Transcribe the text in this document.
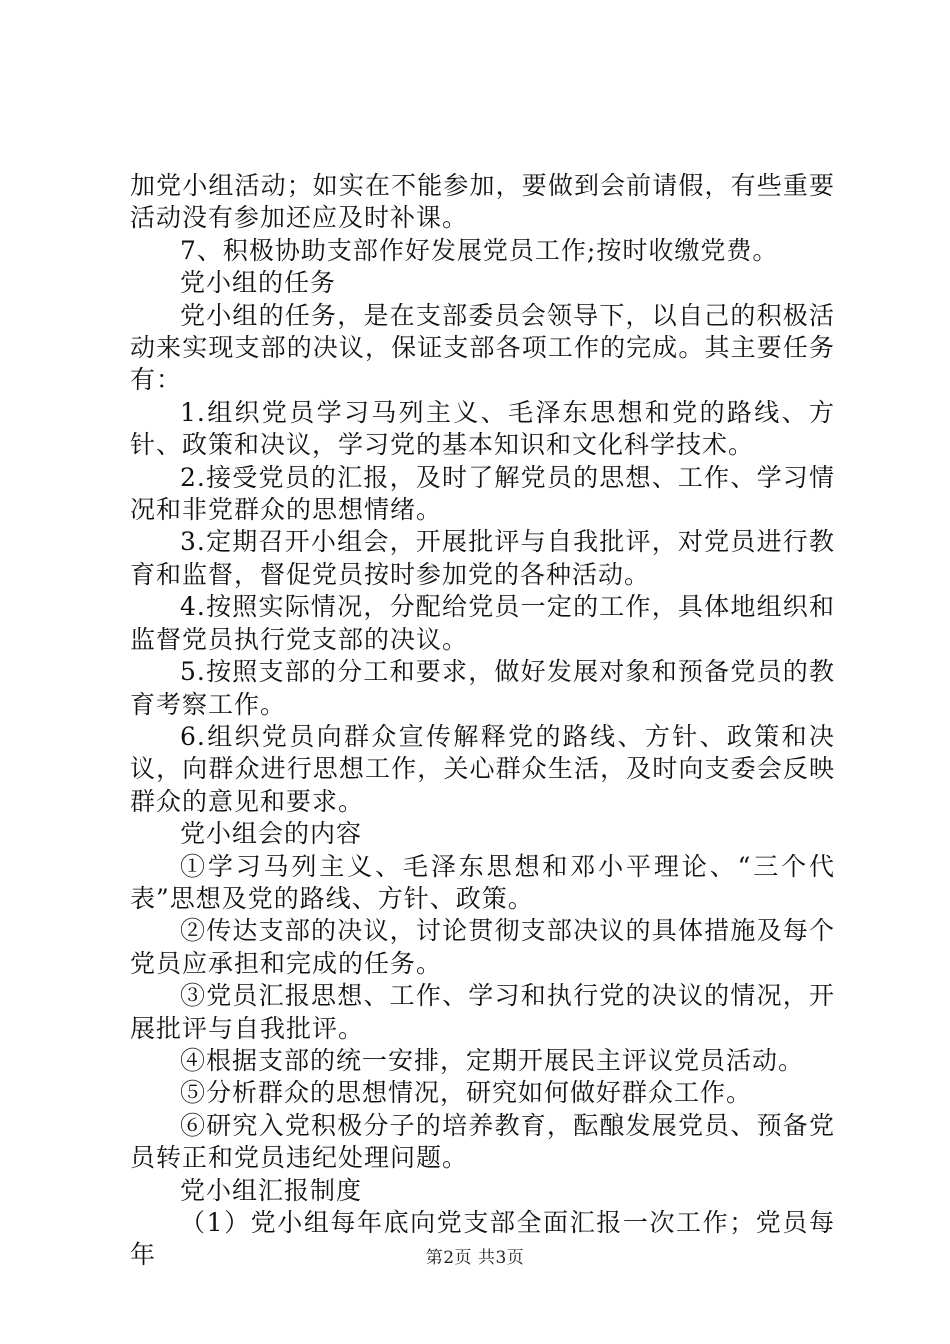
加党小组活动；如实在不能参加，要做到会前请假，有些重要活动没有参加还应及时补课。

7、积极协助支部作好发展党员工作;按时收缴党费。

党小组的任务

党小组的任务，是在支部委员会领导下，以自己的积极活动来实现支部的决议，保证支部各项工作的完成。其主要任务有：

1.组织党员学习马列主义、毛泽东思想和党的路线、方针、政策和决议，学习党的基本知识和文化科学技术。

2.接受党员的汇报，及时了解党员的思想、工作、学习情况和非党群众的思想情绪。

3.定期召开小组会，开展批评与自我批评，对党员进行教育和监督，督促党员按时参加党的各种活动。

4.按照实际情况，分配给党员一定的工作，具体地组织和监督党员执行党支部的决议。

5.按照支部的分工和要求，做好发展对象和预备党员的教育考察工作。

6.组织党员向群众宣传解释党的路线、方针、政策和决议，向群众进行思想工作，关心群众生活，及时向支委会反映群众的意见和要求。

党小组会的内容

①学习马列主义、毛泽东思想和邓小平理论、“三个代表”思想及党的路线、方针、政策。

②传达支部的决议，讨论贯彻支部决议的具体措施及每个党员应承担和完成的任务。

③党员汇报思想、工作、学习和执行党的决议的情况，开展批评与自我批评。

④根据支部的统一安排，定期开展民主评议党员活动。

⑤分析群众的思想情况，研究如何做好群众工作。

⑥研究入党积极分子的培养教育，酝酿发展党员、预备党员转正和党员违纪处理问题。

党小组汇报制度

（1）党小组每年底向党支部全面汇报一次工作；党员每年	第2页 共3页
